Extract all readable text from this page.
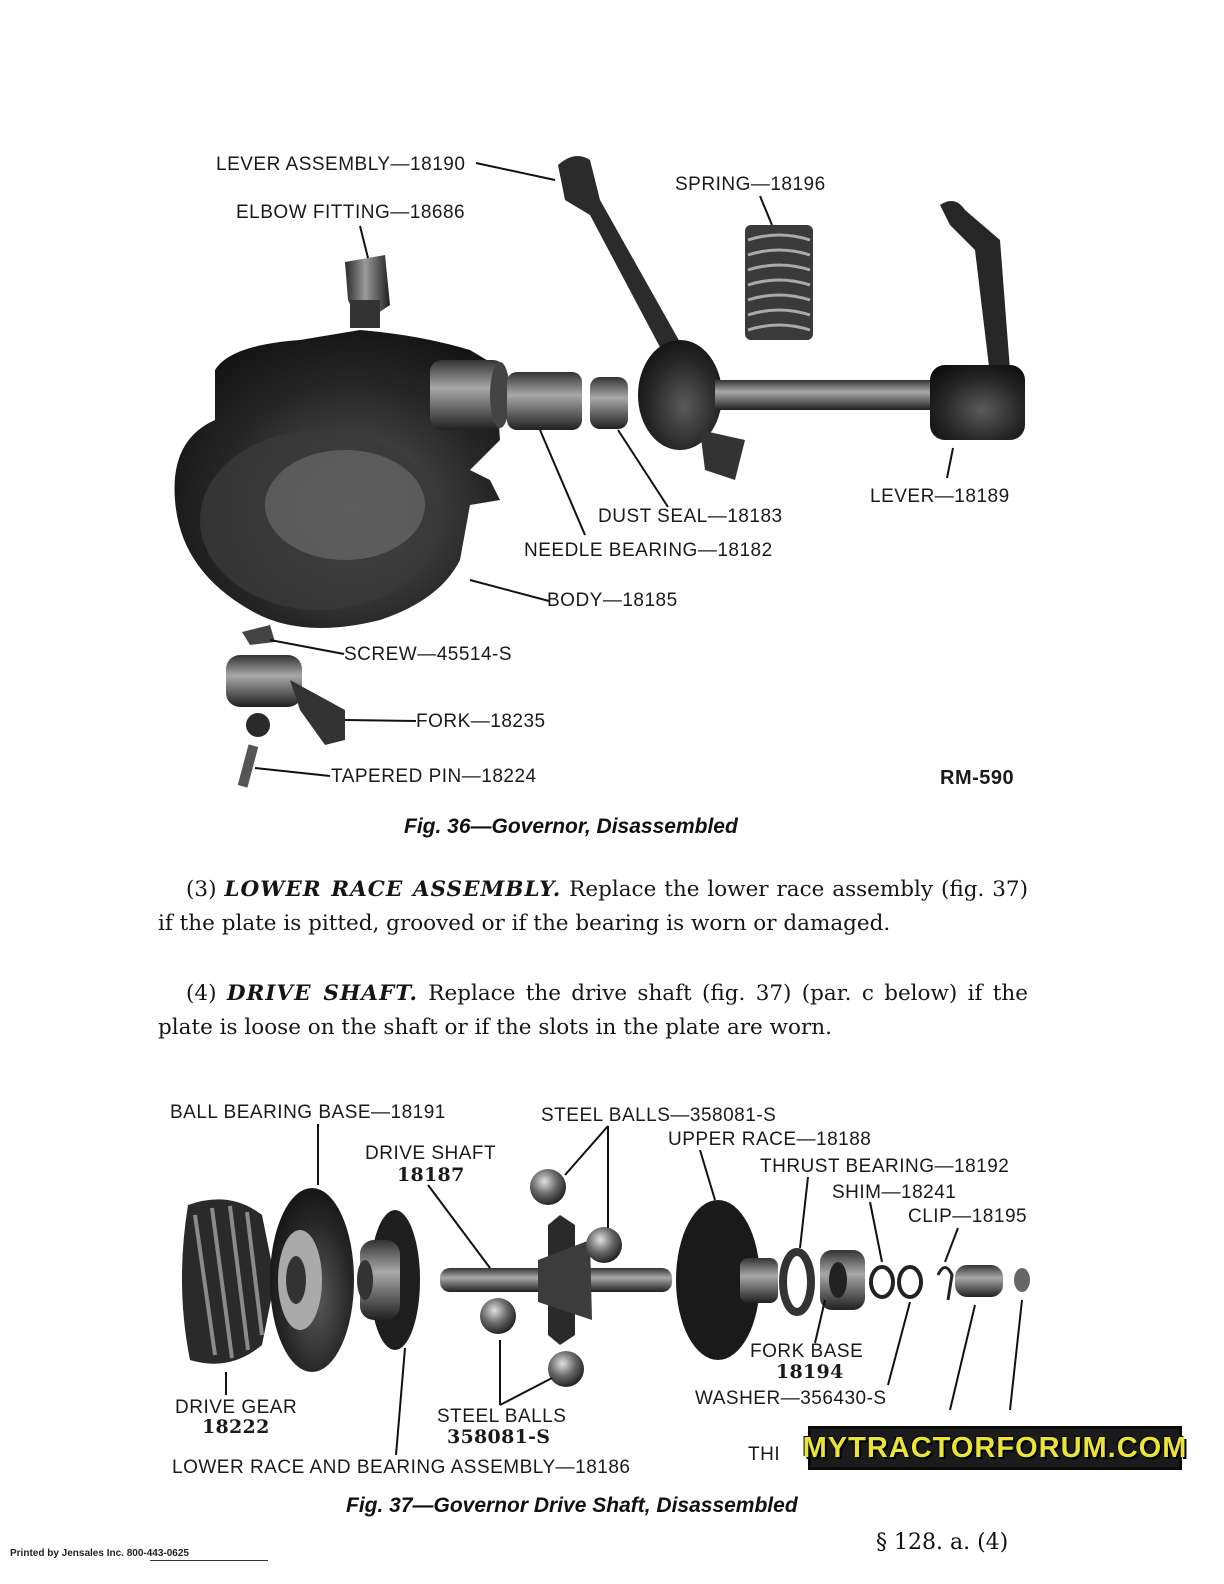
LEVER ASSEMBLY—18190
ELBOW FITTING—18686
SPRING—18196
DUST SEAL—18183
NEEDLE BEARING—18182
LEVER—18189
BODY—18185
SCREW—45514-S
FORK—18235
TAPERED PIN—18224	RM-590
Fig. 36—Governor, Disassembled
(3) LOWER RACE ASSEMBLY. Replace the lower race assembly (fig. 37) if the plate is pitted, grooved or if the bearing is worn or damaged.
(4) DRIVE SHAFT. Replace the drive shaft (fig. 37) (par. c below) if the plate is loose on the shaft or if the slots in the plate are worn.
BALL BEARING BASE—18191	STEEL BALLS—358081-S
UPPER RACE—18188
DRIVE SHAFT
18187	THRUST BEARING—18192
SHIM—18241
CLIP—18195
FORK BASE
18194
WASHER—356430-S
DRIVE GEAR
18222	STEEL BALLS
358081-S
LOWER RACE AND BEARING ASSEMBLY—18186
THI MYTRACTORFORUM.COM
Fig. 37—Governor Drive Shaft, Disassembled
§ 128. a. (4)
Printed by Jensales Inc. 800-443-0625
